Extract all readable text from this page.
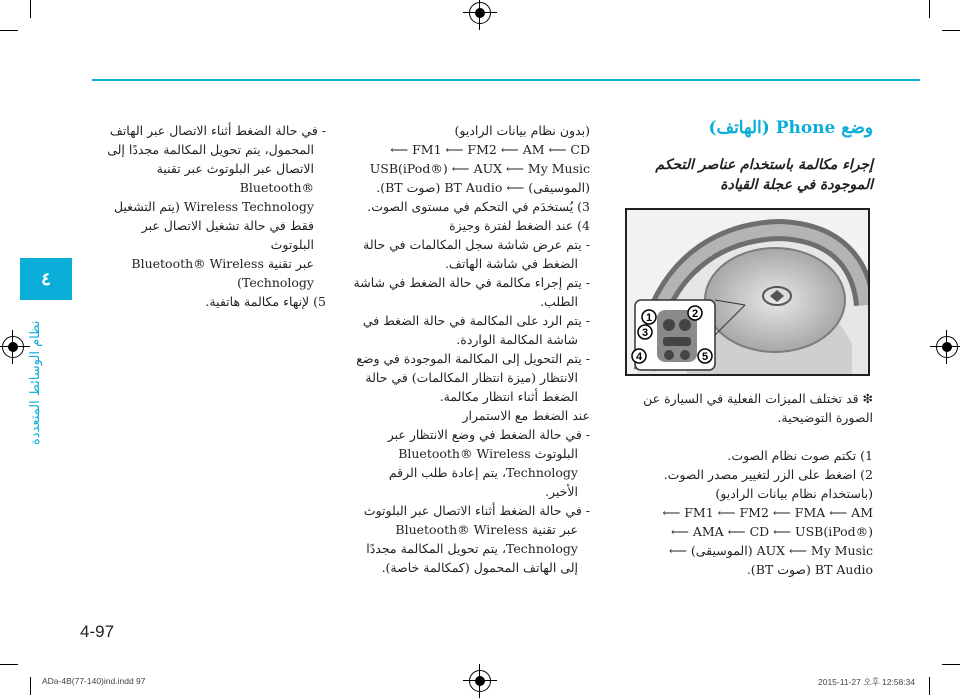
٤
نظام الوسائط المتعددة
وضع Phone (الهاتف)
إجراء مكالمة باستخدام عناصر التحكم الموجودة في عجلة القيادة
1	2
3
4	5

❇ قد تختلف الميزات الفعلية في السيارة عن الصورة التوضيحية.

1) تكتم صوت نظام الصوت.

2) اضغط على الزر لتغيير مصدر الصوت.

(باستخدام نظام بيانات الراديو)

FM1 ⟵ FM2 ⟵ FMA ⟵ AM ⟵

AMA ⟵ CD ⟵ USB(iPod®) ⟵

AUX ⟵ My Music (الموسيقى) ⟵

BT Audio (صوت BT).

(بدون نظام بيانات الراديو)

FM1 ⟵ FM2 ⟵ AM ⟵ CD ⟵

USB(iPod®) ⟵ AUX ⟵ My Music

(الموسيقى) ⟵ BT Audio (صوت BT).

3) يُستخدَم في التحكم في مستوى الصوت.

4) عند الضغط لفترة وجيزة

- يتم عرض شاشة سجل المكالمات في حالة

الضغط في شاشة الهاتف.

- يتم إجراء مكالمة في حالة الضغط في شاشة

الطلب.

- يتم الرد على المكالمة في حالة الضغط في

شاشة المكالمة الواردة.

- يتم التحويل إلى المكالمة الموجودة في وضع

الانتظار (ميزة انتظار المكالمات) في حالة

الضغط أثناء انتظار مكالمة.

عند الضغط مع الاستمرار

- في حالة الضغط في وضع الانتظار عبر

البلوتوث Bluetooth® Wireless

Technology، يتم إعادة طلب الرقم

الأخير.

- في حالة الضغط أثناء الاتصال عبر البلوتوث

عبر تقنية Bluetooth® Wireless

Technology، يتم تحويل المكالمة مجددًا

إلى الهاتف المحمول (كمكالمة خاصة).

- في حالة الضغط أثناء الاتصال عبر الهاتف

المحمول، يتم تحويل المكالمة مجددًا إلى

الاتصال عبر البلوتوث عبر تقنية ®Bluetooth

Wireless Technology (يتم التشغيل

فقط في حالة تشغيل الاتصال عبر البلوتوث

عبر تقنية Bluetooth® Wireless

Technology)

5) لإنهاء مكالمة هاتفية.

4-97
ADa-4B(77-140)ind.indd 97	2015-11-27 오후 12:58:34
